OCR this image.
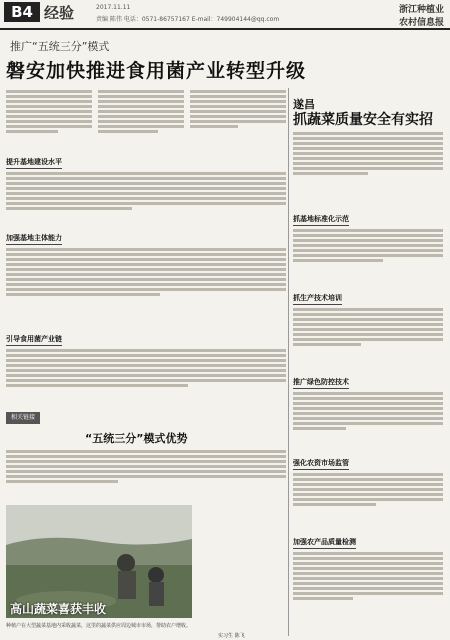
B4 经验	2017.11.11
责编 陈伟 电话：0571-86757167 E-mail：749904144@qq.com
浙江种植业
农村信息报
推广“五统三分”模式
磐安加快推进食用菌产业转型升级
提升基地建设水平
加强基地主体能力
引导食用菌产业链
相关链接
“五统三分”模式优势
高山蔬菜喜获丰收
种植户在大型蔬菜基地内采收蔬菜，这里的蔬菜供应周边城市市场，帮助农户增收。
实习生 陈飞
遂昌
抓蔬菜质量安全有实招
抓基地标准化示范
抓生产技术培训
推广绿色防控技术
强化农资市场监管
加强农产品质量检测
